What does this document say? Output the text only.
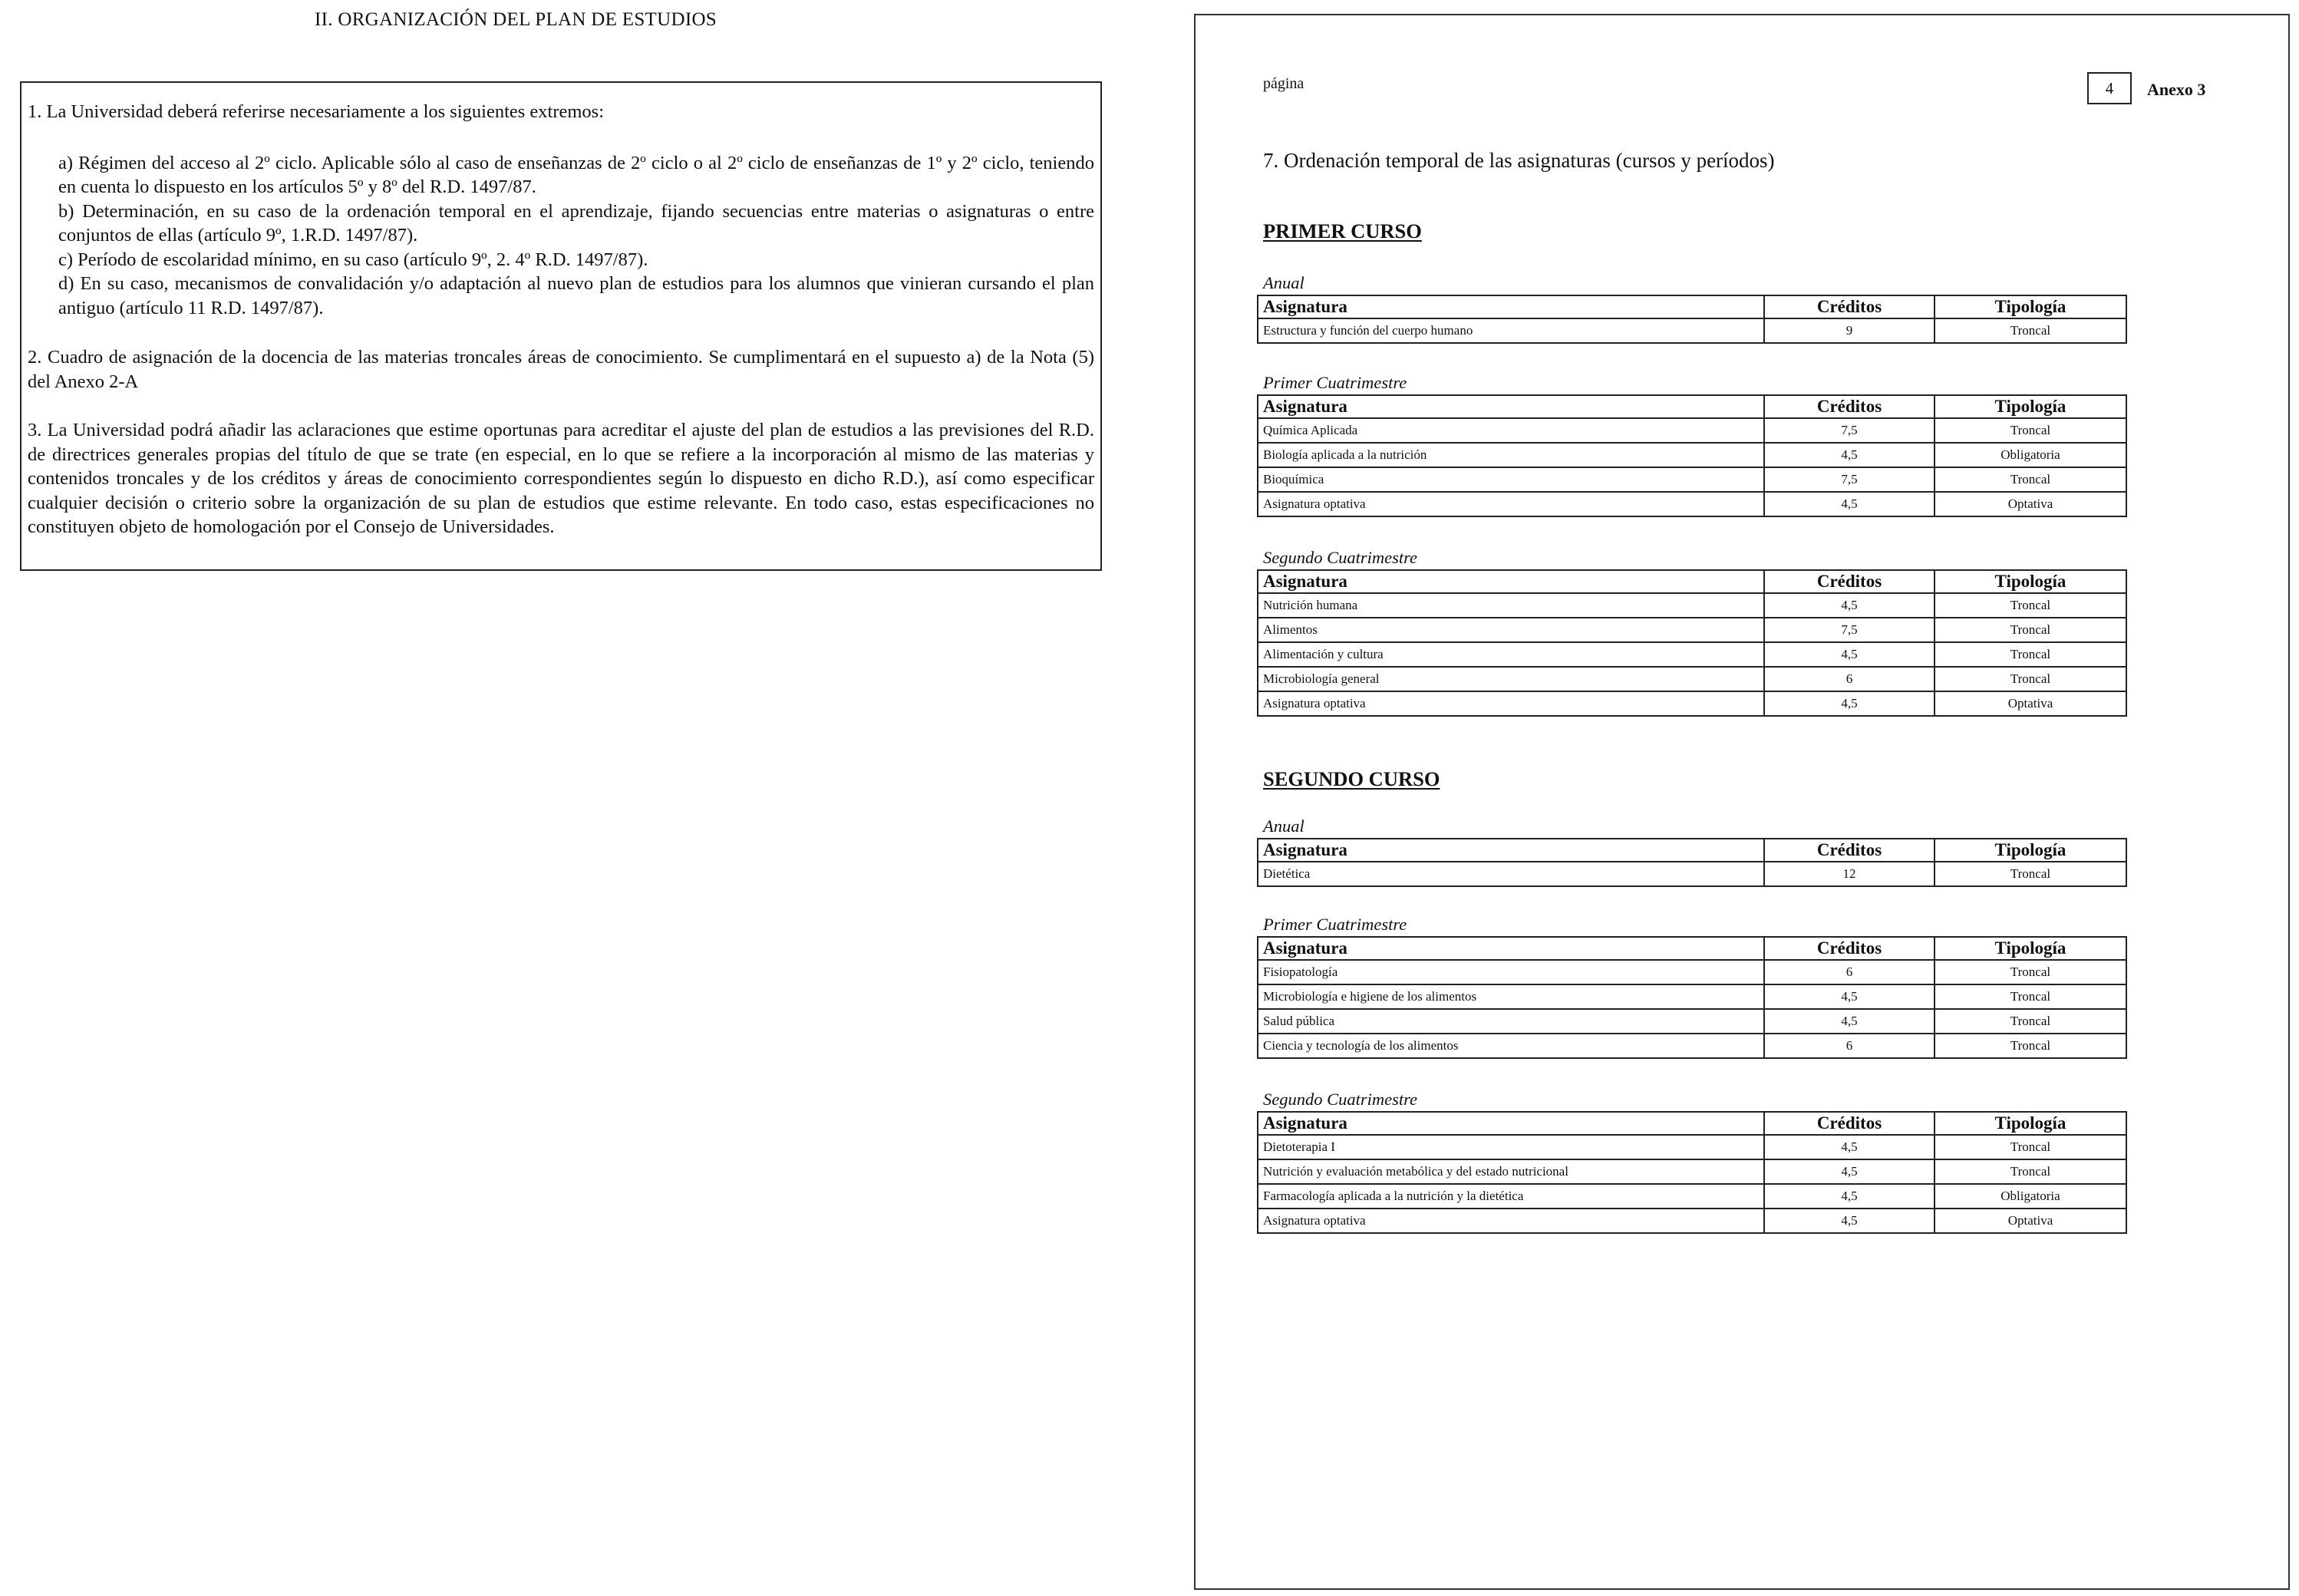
II. ORGANIZACIÓN DEL PLAN DE ESTUDIOS

1. La Universidad deberá referirse necesariamente a los siguientes extremos:

a) Régimen del acceso al 2º ciclo. Aplicable sólo al caso de enseñanzas de 2º ciclo o al 2º ciclo de enseñanzas de 1º y 2º ciclo, teniendo en cuenta lo dispuesto en los artículos 5º y 8º del R.D. 1497/87.

b) Determinación, en su caso de la ordenación temporal en el aprendizaje, fijando secuencias entre materias o asignaturas o entre conjuntos de ellas (artículo 9º, 1.R.D. 1497/87).

c) Período de escolaridad mínimo, en su caso (artículo 9º, 2. 4º R.D. 1497/87).

d) En su caso, mecanismos de convalidación y/o adaptación al nuevo plan de estudios para los alumnos que vinieran cursando el plan antiguo (artículo 11 R.D. 1497/87).

2. Cuadro de asignación de la docencia de las materias troncales áreas de conocimiento. Se cumplimentará en el supuesto a) de la Nota (5) del Anexo 2-A

3. La Universidad podrá añadir las aclaraciones que estime oportunas para acreditar el ajuste del plan de estudios a las previsiones del R.D. de directrices generales propias del título de que se trate (en especial, en lo que se refiere a la incorporación al mismo de las materias y contenidos troncales y de los créditos y áreas de conocimiento correspondientes según lo dispuesto en dicho R.D.), así como especificar cualquier decisión o criterio sobre la organización de su plan de estudios que estime relevante. En todo caso, estas especificaciones no constituyen objeto de homologación por el Consejo de Universidades.

página	4	Anexo 3
7. Ordenación temporal de las asignaturas (cursos y períodos)
PRIMER CURSO
Anual
Asignatura	Créditos	Tipología
Estructura y función del cuerpo humano	9	Troncal
Primer Cuatrimestre
Asignatura	Créditos	Tipología
Química Aplicada	7,5	Troncal
Biología aplicada a la nutrición	4,5	Obligatoria
Bioquímica	7,5	Troncal
Asignatura optativa	4,5	Optativa
Segundo Cuatrimestre
Asignatura	Créditos	Tipología
Nutrición humana	4,5	Troncal
Alimentos	7,5	Troncal
Alimentación y cultura	4,5	Troncal
Microbiología general	6	Troncal
Asignatura optativa	4,5	Optativa
SEGUNDO CURSO
Anual
Asignatura	Créditos	Tipología
Dietética	12	Troncal
Primer Cuatrimestre
Asignatura	Créditos	Tipología
Fisiopatología	6	Troncal
Microbiología e higiene de los alimentos	4,5	Troncal
Salud pública	4,5	Troncal
Ciencia y tecnología de los alimentos	6	Troncal
Segundo Cuatrimestre
Asignatura	Créditos	Tipología
Dietoterapia I	4,5	Troncal
Nutrición y evaluación metabólica y del estado nutricional	4,5	Troncal
Farmacología aplicada a la nutrición y la dietética	4,5	Obligatoria
Asignatura optativa	4,5	Optativa
